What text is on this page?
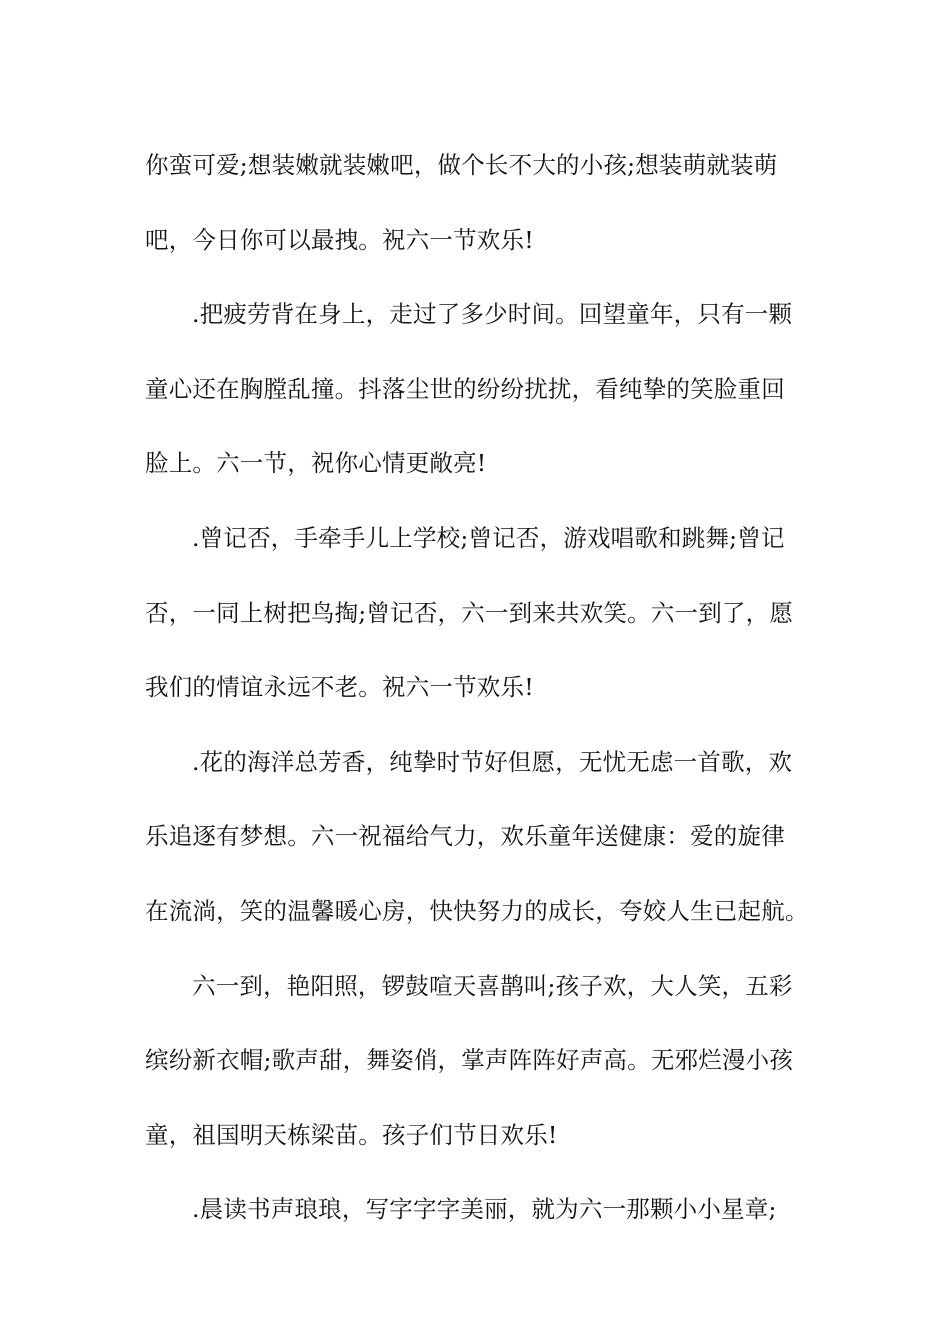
你蛮可爱;想装嫩就装嫩吧，做个长不大的小孩;想装萌就装萌
吧，今日你可以最拽。祝六一节欢乐!
.把疲劳背在身上，走过了多少时间。回望童年，只有一颗
童心还在胸膛乱撞。抖落尘世的纷纷扰扰，看纯挚的笑脸重回
脸上。六一节，祝你心情更敞亮!
.曾记否，手牵手儿上学校;曾记否，游戏唱歌和跳舞;曾记
否，一同上树把鸟掏;曾记否，六一到来共欢笑。六一到了，愿
我们的情谊永远不老。祝六一节欢乐!
.花的海洋总芳香，纯挚时节好但愿，无忧无虑一首歌，欢
乐追逐有梦想。六一祝福给气力，欢乐童年送健康：爱的旋律
在流淌，笑的温馨暖心房，快快努力的成长，夸姣人生已起航。
六一到，艳阳照，锣鼓喧天喜鹊叫;孩子欢，大人笑，五彩
缤纷新衣帽;歌声甜，舞姿俏，掌声阵阵好声高。无邪烂漫小孩
童，祖国明天栋梁苗。孩子们节日欢乐!
.晨读书声琅琅，写字字字美丽，就为六一那颗小小星章;
